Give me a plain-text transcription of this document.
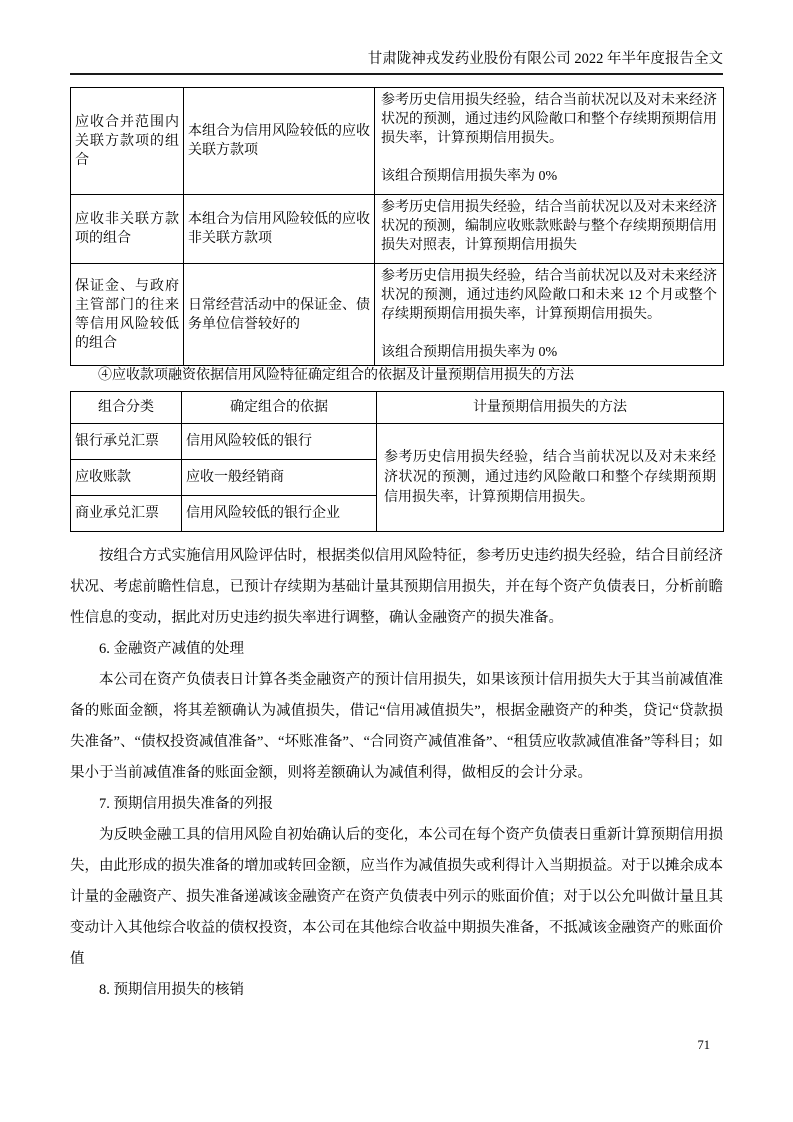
甘肃陇神戎发药业股份有限公司 2022 年半年度报告全文
应收合并范围内关联方款项的组合	本组合为信用风险较低的应收关联方款项	参考历史信用损失经验，结合当前状况以及对未来经济状况的预测，通过违约风险敞口和整个存续期预期信用损失率，计算预期信用损失。

该组合预期信用损失率为 0%

应收非关联方款项的组合	本组合为信用风险较低的应收非关联方款项	参考历史信用损失经验，结合当前状况以及对未来经济状况的预测，编制应收账款账龄与整个存续期预期信用损失对照表，计算预期信用损失

保证金、与政府主管部门的往来等信用风险较低的组合	日常经营活动中的保证金、债务单位信誉较好的	参考历史信用损失经验，结合当前状况以及对未来经济状况的预测，通过违约风险敞口和未来 12 个月或整个存续期预期信用损失率，计算预期信用损失。

该组合预期信用损失率为 0%

④应收款项融资依据信用风险特征确定组合的依据及计量预期信用损失的方法

组合分类	确定组合的依据	计量预期信用损失的方法
银行承兑汇票	信用风险较低的银行	参考历史信用损失经验，结合当前状况以及对未来经济状况的预测，通过违约风险敞口和整个存续期预期信用损失率，计算预期信用损失。
应收账款	应收一般经销商	
商业承兑汇票	信用风险较低的银行企业	

按组合方式实施信用风险评估时，根据类似信用风险特征，参考历史违约损失经验，结合目前经济状况、考虑前瞻性信息，已预计存续期为基础计量其预期信用损失，并在每个资产负债表日，分析前瞻性信息的变动，据此对历史违约损失率进行调整，确认金融资产的损失准备。

6. 金融资产减值的处理

本公司在资产负债表日计算各类金融资产的预计信用损失，如果该预计信用损失大于其当前减值准备的账面金额，将其差额确认为减值损失，借记“信用减值损失”，根据金融资产的种类，贷记“贷款损失准备”、“债权投资减值准备”、“坏账准备”、“合同资产减值准备”、“租赁应收款减值准备”等科目；如果小于当前减值准备的账面金额，则将差额确认为减值利得，做相反的会计分录。

7. 预期信用损失准备的列报

为反映金融工具的信用风险自初始确认后的变化，本公司在每个资产负债表日重新计算预期信用损失，由此形成的损失准备的增加或转回金额，应当作为减值损失或利得计入当期损益。对于以摊余成本计量的金融资产、损失准备递减该金融资产在资产负债表中列示的账面价值；对于以公允叫做计量且其变动计入其他综合收益的债权投资，本公司在其他综合收益中期损失准备，不抵减该金融资产的账面价值

8. 预期信用损失的核销

71
